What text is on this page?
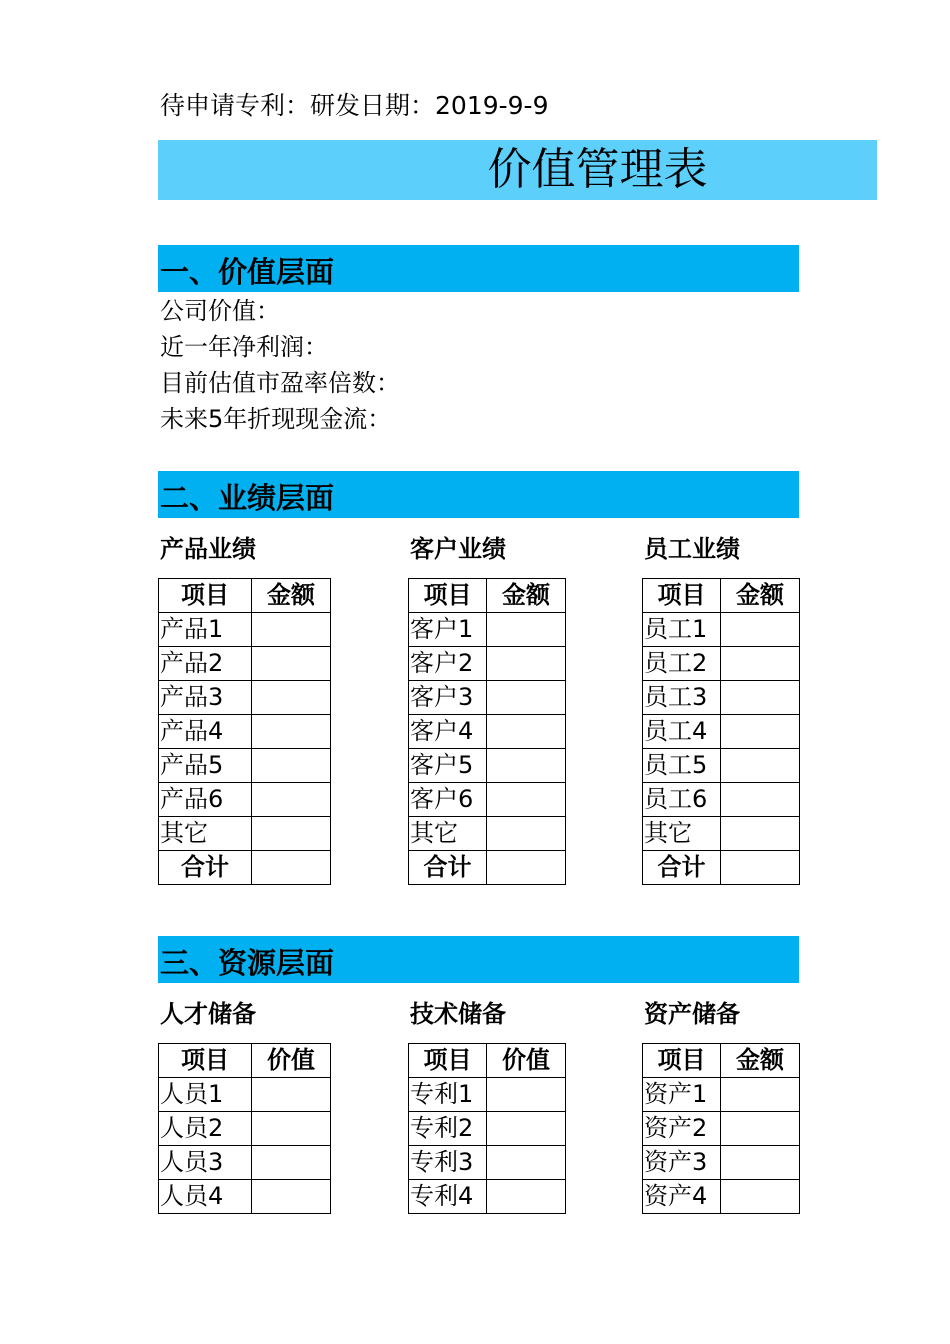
待申请专利：研发日期：2019-9-9
价值管理表
一、价值层面
公司价值：
近一年净利润：
目前估值市盈率倍数：
未来5年折现现金流：
二、业绩层面
产品业绩
项目	金额
产品1	
产品2	
产品3	
产品4	
产品5	
产品6	
其它	
合计	
客户业绩
项目	金额
客户1	
客户2	
客户3	
客户4	
客户5	
客户6	
其它	
合计	
员工业绩
项目	金额
员工1	
员工2	
员工3	
员工4	
员工5	
员工6	
其它	
合计	
三、资源层面
人才储备
项目	价值
人员1	
人员2	
人员3	
人员4	
技术储备
项目	价值
专利1	
专利2	
专利3	
专利4	
资产储备
项目	金额
资产1	
资产2	
资产3	
资产4	
